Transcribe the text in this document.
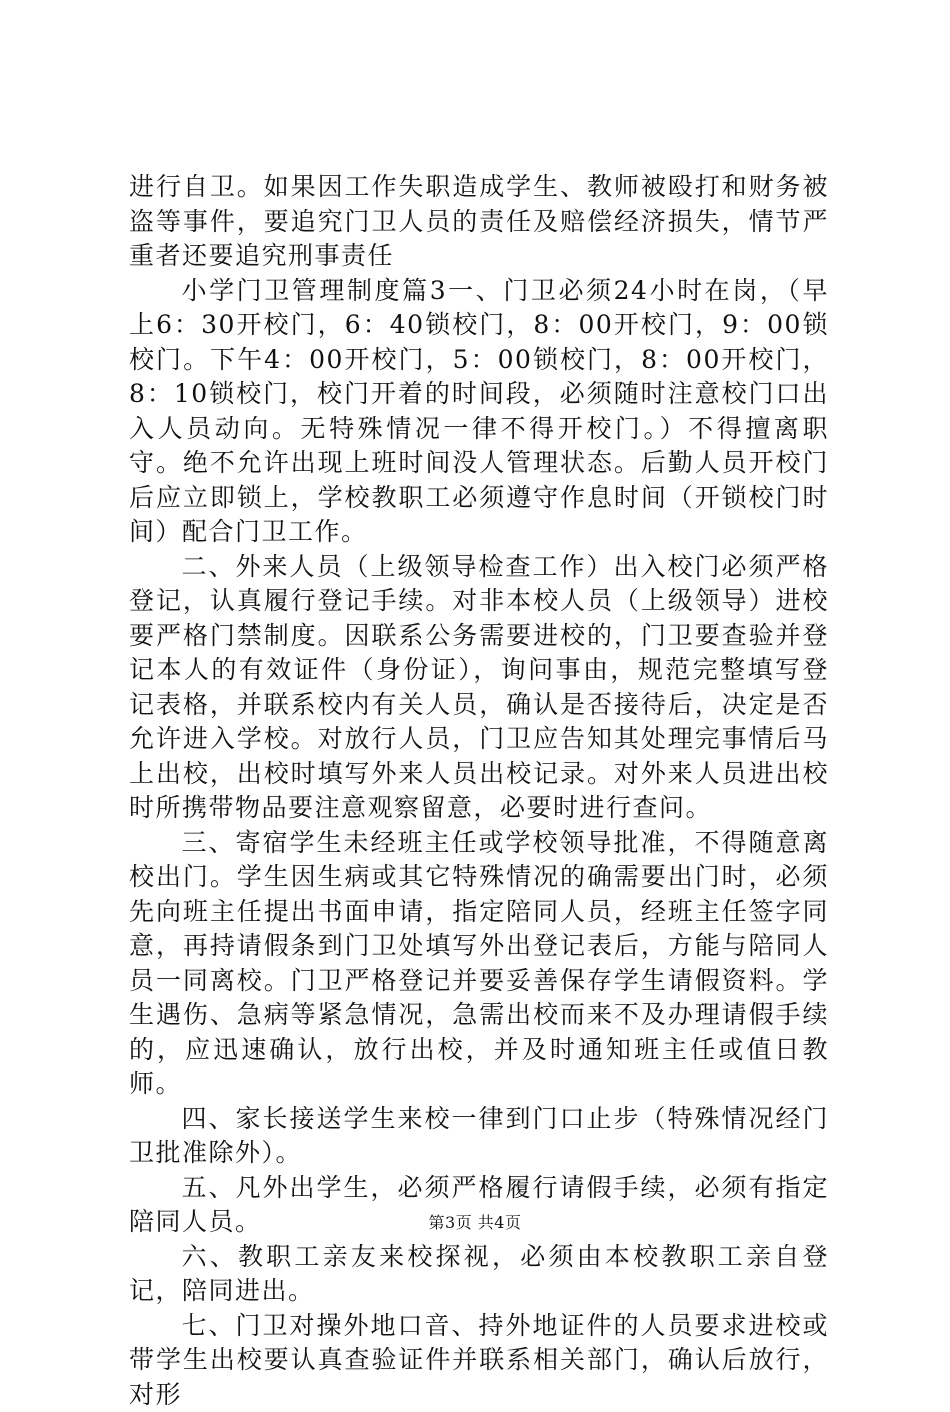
进行自卫。如果因工作失职造成学生、教师被殴打和财务被盗等事件，要追究门卫人员的责任及赔偿经济损失，情节严重者还要追究刑事责任

小学门卫管理制度篇3一、门卫必须24小时在岗，（早上6：30开校门，6：40锁校门，8：00开校门，9：00锁校门。下午4：00开校门，5：00锁校门，8：00开校门，8：10锁校门，校门开着的时间段，必须随时注意校门口出入人员动向。无特殊情况一律不得开校门。）不得擅离职守。绝不允许出现上班时间没人管理状态。后勤人员开校门后应立即锁上，学校教职工必须遵守作息时间（开锁校门时间）配合门卫工作。

二、外来人员（上级领导检查工作）出入校门必须严格登记，认真履行登记手续。对非本校人员（上级领导）进校要严格门禁制度。因联系公务需要进校的，门卫要查验并登记本人的有效证件（身份证），询问事由，规范完整填写登记表格，并联系校内有关人员，确认是否接待后，决定是否允许进入学校。对放行人员，门卫应告知其处理完事情后马上出校，出校时填写外来人员出校记录。对外来人员进出校时所携带物品要注意观察留意，必要时进行查问。

三、寄宿学生未经班主任或学校领导批准，不得随意离校出门。学生因生病或其它特殊情况的确需要出门时，必须先向班主任提出书面申请，指定陪同人员，经班主任签字同意，再持请假条到门卫处填写外出登记表后，方能与陪同人员一同离校。门卫严格登记并要妥善保存学生请假资料。学生遇伤、急病等紧急情况，急需出校而来不及办理请假手续的，应迅速确认，放行出校，并及时通知班主任或值日教师。

四、家长接送学生来校一律到门口止步（特殊情况经门卫批准除外）。

五、凡外出学生，必须严格履行请假手续，必须有指定陪同人员。

六、教职工亲友来校探视，必须由本校教职工亲自登记，陪同进出。

七、门卫对操外地口音、持外地证件的人员要求进校或带学生出校要认真查验证件并联系相关部门，确认后放行，对形

第3页 共4页
